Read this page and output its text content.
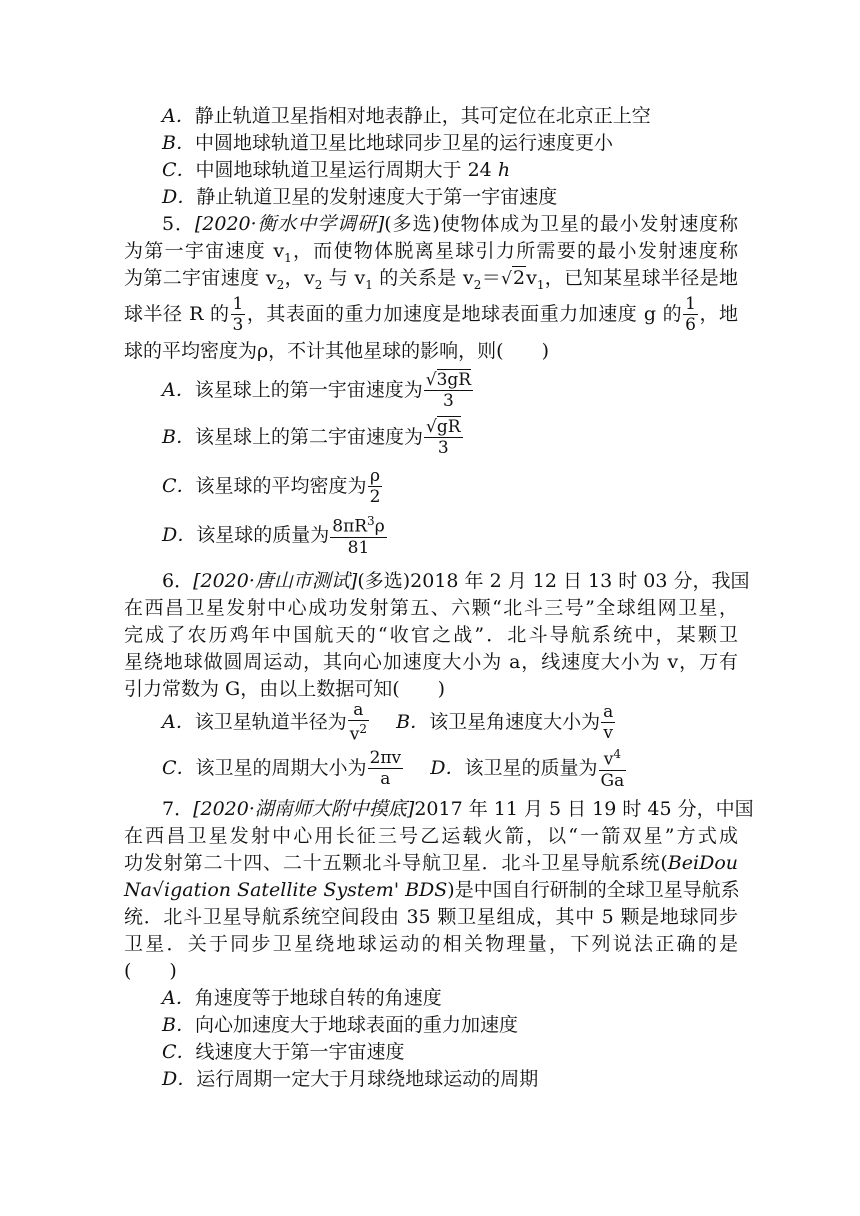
A．静止轨道卫星指相对地表静止，其可定位在北京正上空
B．中圆地球轨道卫星比地球同步卫星的运行速度更小
C．中圆地球轨道卫星运行周期大于 24 h
D．静止轨道卫星的发射速度大于第一宇宙速度
5．[2020·衡水中学调研](多选)使物体成为卫星的最小发射速度称
为第一宇宙速度 $v_1$，而使物体脱离星球引力所需要的最小发射速度称
为第二宇宙速度 $v_2$，$v_2$ 与 $v_1$ 的关系是 $v_2=√2v_1$，已知某星球半径是地
球半径 R 的 $\frac{1}{3}$ ，其表面的重力加速度是地球表面重力加速度 g 的 $\frac{1}{6}$ ，地
球的平均密度为ρ，不计其他星球的影响，则(　　)
A．该星球上的第一宇宙速度为 $\frac{√3gR}{3}$
B．该星球上的第二宇宙速度为 $\frac{√gR}{3}$
C．该星球的平均密度为 $\frac{\rho}{2}$
D．该星球的质量为 $\frac{8\pi R^3\rho}{81}$
6．[2020·唐山市测试](多选)2018 年 2 月 12 日 13 时 03 分，我国
在西昌卫星发射中心成功发射第五、六颗“北斗三号”全球组网卫星，
完成了农历鸡年中国航天的“收官之战”．北斗导航系统中，某颗卫
星绕地球做圆周运动，其向心加速度大小为 a，线速度大小为 v，万有
引力常数为 G，由以上数据可知(　　)
A．该卫星轨道半径为 $\frac{a}{v^2}$ B．该卫星角速度大小为 $\frac{a}{v}$
C．该卫星的周期大小为 $\frac{2\pi v}{a}$ D．该卫星的质量为 $\frac{v^4}{Ga}$
7．[2020·湖南师大附中摸底]2017 年 11 月 5 日 19 时 45 分，中国
在西昌卫星发射中心用长征三号乙运载火箭，以“一箭双星”方式成
功发射第二十四、二十五颗北斗导航卫星．北斗卫星导航系统(BeiDou
Na√igation Satellite System' BDS)是中国自行研制的全球卫星导航系
统．北斗卫星导航系统空间段由 35 颗卫星组成，其中 5 颗是地球同步
卫星．关于同步卫星绕地球运动的相关物理量，下列说法正确的是
(　　)
A．角速度等于地球自转的角速度
B．向心加速度大于地球表面的重力加速度
C．线速度大于第一宇宙速度
D．运行周期一定大于月球绕地球运动的周期
